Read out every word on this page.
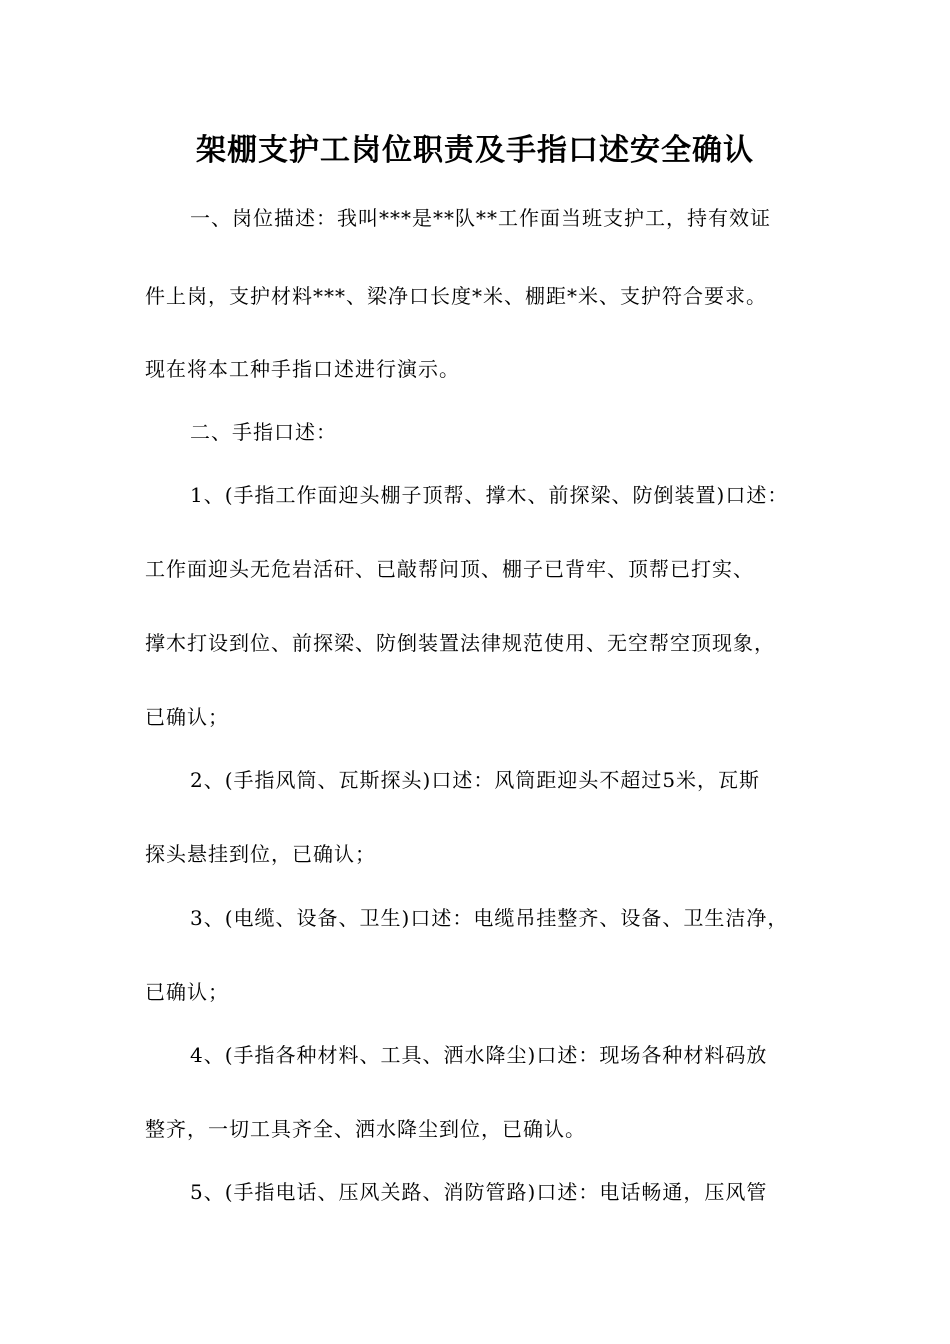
架棚支护工岗位职责及手指口述安全确认

一、岗位描述：我叫***是**队**工作面当班支护工，持有效证

件上岗，支护材料***、梁净口长度*米、棚距*米、支护符合要求。

现在将本工种手指口述进行演示。

二、手指口述：

1、(手指工作面迎头棚子顶帮、撑木、前探梁、防倒装置)口述：

工作面迎头无危岩活矸、已敲帮问顶、棚子已背牢、顶帮已打实、

撑木打设到位、前探梁、防倒装置法律规范使用、无空帮空顶现象，

已确认；

2、(手指风筒、瓦斯探头)口述：风筒距迎头不超过5米，瓦斯

探头悬挂到位，已确认；

3、(电缆、设备、卫生)口述：电缆吊挂整齐、设备、卫生洁净，

已确认；

4、(手指各种材料、工具、洒水降尘)口述：现场各种材料码放

整齐，一切工具齐全、洒水降尘到位，已确认。

5、(手指电话、压风关路、消防管路)口述：电话畅通，压风管
